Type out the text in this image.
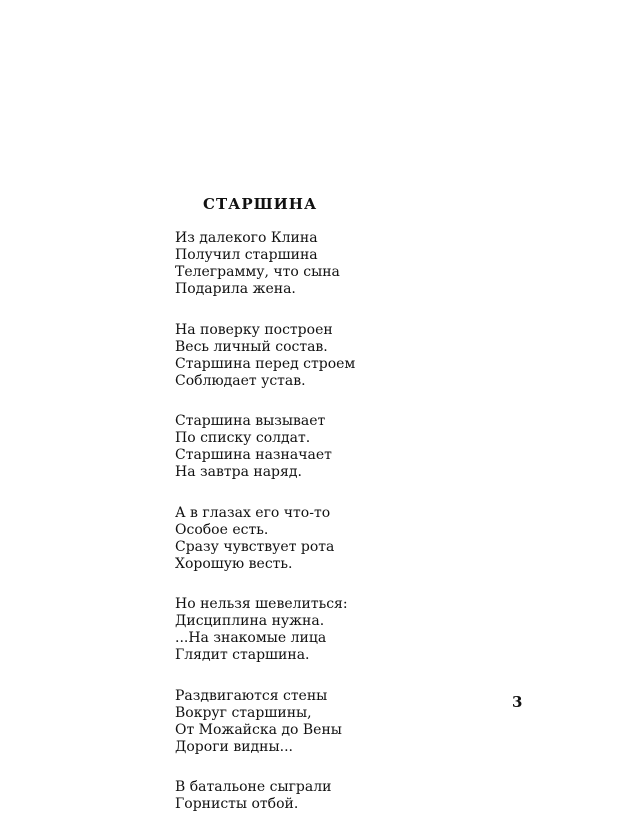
СТАРШИНА
Из далекого Клина
Получил старшина
Телеграмму, что сына
Подарила жена.
На поверку построен
Весь личный состав.
Старшина перед строем
Соблюдает устав.
Старшина вызывает
По списку солдат.
Старшина назначает
На завтра наряд.
А в глазах его что-то
Особое есть.
Сразу чувствует рота
Хорошую весть.
Но нельзя шевелиться:
Дисциплина нужна.
...На знакомые лица
Глядит старшина.
Раздвигаются стены
Вокруг старшины,
От Можайска до Вены
Дороги видны...
В батальоне сыграли
Горнисты отбой.
3
